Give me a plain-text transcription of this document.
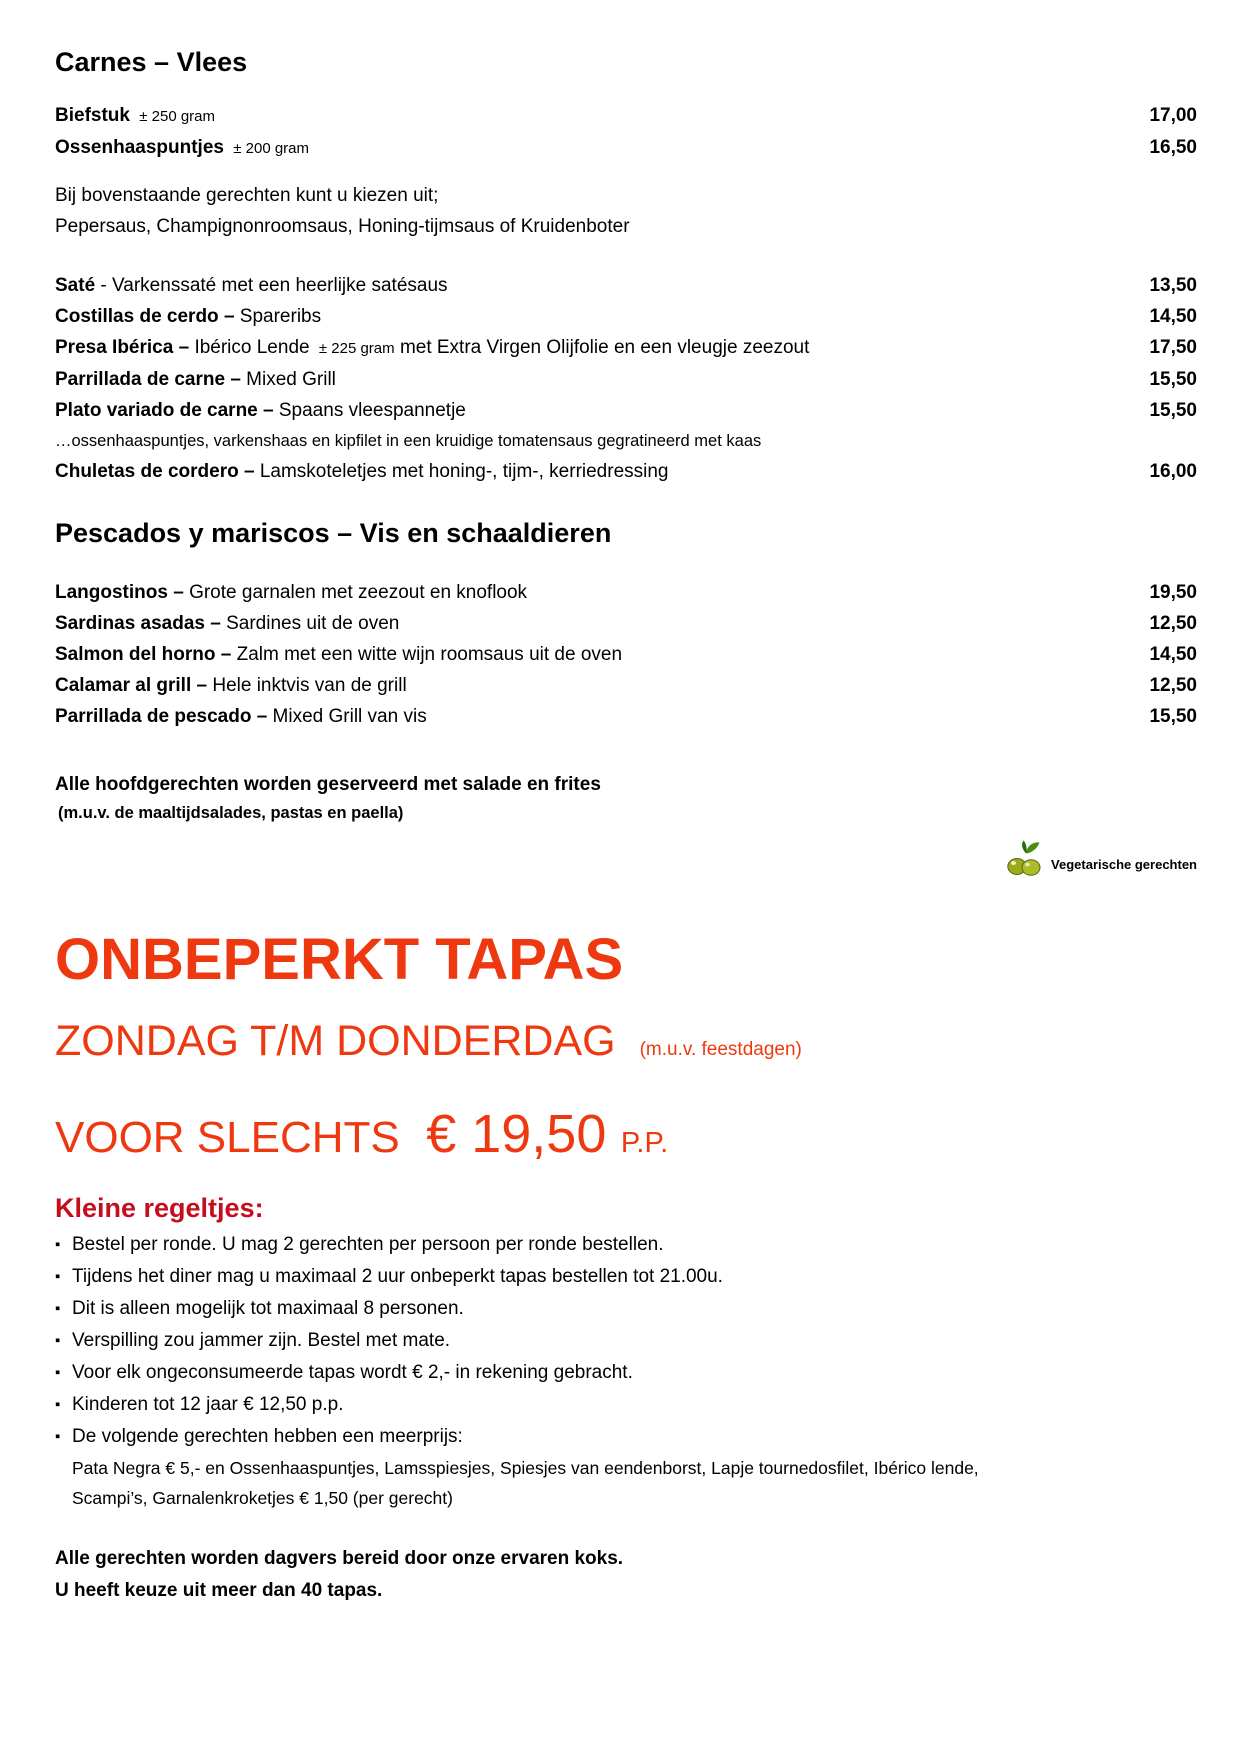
Carnes – Vlees
Biefstuk ± 250 gram	17,00
Ossenhaaspuntjes ± 200 gram	16,50
Bij bovenstaande gerechten kunt u kiezen uit;
Pepersaus, Champignonroomsaus, Honing-tijmsaus of Kruidenboter
Saté - Varkenssaté met een heerlijke satésaus	13,50
Costillas de cerdo – Spareribs	14,50
Presa Ibérica – Ibérico Lende ± 225 gram met Extra Virgen Olijfolie en een vleugje zeezout	17,50
Parrillada de carne – Mixed Grill	15,50
Plato variado de carne – Spaans vleespannetje	15,50
…ossenhaaspuntjes, varkenshaas en kipfilet in een kruidige tomatensaus gegratineerd met kaas
Chuletas de cordero – Lamskoteletjes met honing-, tijm-, kerriedressing	16,00
Pescados y mariscos – Vis en schaaldieren
Langostinos – Grote garnalen met zeezout en knoflook	19,50
Sardinas asadas – Sardines uit de oven	12,50
Salmon del horno – Zalm met een witte wijn roomsaus uit de oven	14,50
Calamar al grill – Hele inktvis van de grill	12,50
Parrillada de pescado – Mixed Grill van vis	15,50
Alle hoofdgerechten worden geserveerd met salade en frites
(m.u.v. de maaltijdsalades, pastas en paella)
Vegetarische gerechten
ONBEPERKT TAPAS
ZONDAG T/M DONDERDAG (m.u.v. feestdagen)
VOOR SLECHTS € 19,50 P.P.
Kleine regeltjes:
▪ Bestel per ronde. U mag 2 gerechten per persoon per ronde bestellen.
▪ Tijdens het diner mag u maximaal 2 uur onbeperkt tapas bestellen tot 21.00u.
▪ Dit is alleen mogelijk tot maximaal 8 personen.
▪ Verspilling zou jammer zijn. Bestel met mate.
▪ Voor elk ongeconsumeerde tapas wordt € 2,- in rekening gebracht.
▪ Kinderen tot 12 jaar € 12,50 p.p.
▪ De volgende gerechten hebben een meerprijs:
Pata Negra € 5,- en Ossenhaaspuntjes, Lamsspiesjes, Spiesjes van eendenborst, Lapje tournedosfilet, Ibérico lende,
Scampi’s, Garnalenkroketjes € 1,50 (per gerecht)
Alle gerechten worden dagvers bereid door onze ervaren koks.
U heeft keuze uit meer dan 40 tapas.
